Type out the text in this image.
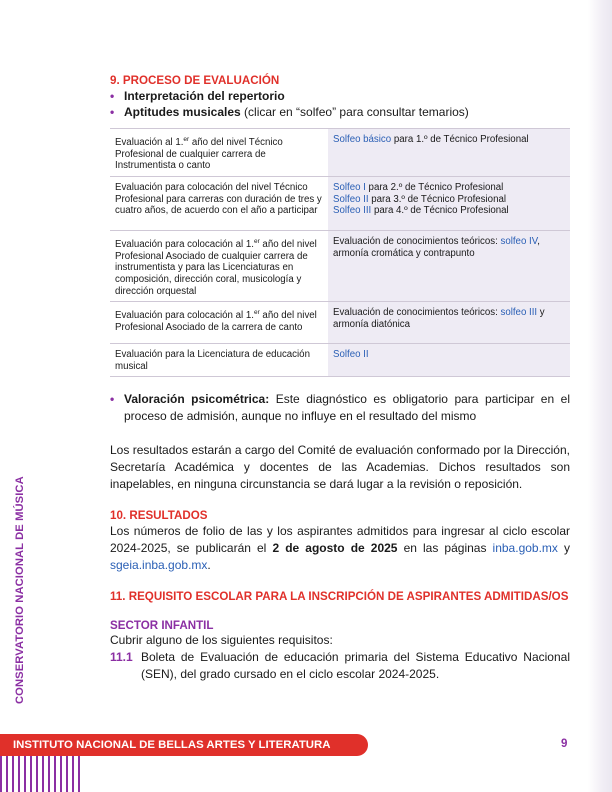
CONSERVATORIO NACIONAL DE MÚSICA
9. PROCESO DE EVALUACIÓN
• Interpretación del repertorio
• Aptitudes musicales (clicar en “solfeo” para consultar temarios)
Evaluación al 1.$^{er}$ año del nivel Técnico Profesional de cualquier carrera de Instrumentista o canto	Solfeo básico para 1.º de Técnico Profesional
Evaluación para colocación del nivel Técnico Profesional para carreras con duración de tres y cuatro años, de acuerdo con el año a participar	Solfeo I para 2.º de Técnico Profesional
Solfeo II para 3.º de Técnico Profesional
Solfeo III para 4.º de Técnico Profesional

Evaluación para colocación al 1.$^{er}$ año del nivel Profesional Asociado de cualquier carrera de instrumentista y para las Licenciaturas en composición, dirección coral, musicología y dirección orquestal	Evaluación de conocimientos teóricos: solfeo IV, armonía cromática y contrapunto
Evaluación para colocación al 1.$^{er}$ año del nivel Profesional Asociado de la carrera de canto	Evaluación de conocimientos teóricos: solfeo III y armonía diatónica
Evaluación para la Licenciatura de educación musical	Solfeo II
• Valoración psicométrica: Este diagnóstico es obligatorio para participar en el proceso de admisión, aunque no influye en el resultado del mismo

Los resultados estarán a cargo del Comité de evaluación conformado por la Dirección, Secretaría Académica y docentes de las Academias. Dichos resultados son inapelables, en ninguna circunstancia se dará lugar a la revisión o reposición.

10. RESULTADOS

Los números de folio de las y los aspirantes admitidos para ingresar al ciclo escolar 2024-2025, se publicarán el 2 de agosto de 2025 en las páginas inba.gob.mx y sgeia.inba.gob.mx.

11. REQUISITO ESCOLAR PARA LA INSCRIPCIÓN DE ASPIRANTES ADMITIDAS/OS
SECTOR INFANTIL

Cubrir alguno de los siguientes requisitos:

11.1 Boleta de Evaluación de educación primaria del Sistema Educativo Nacional (SEN), del grado cursado en el ciclo escolar 2024-2025.
INSTITUTO NACIONAL DE BELLAS ARTES Y LITERATURA	9
